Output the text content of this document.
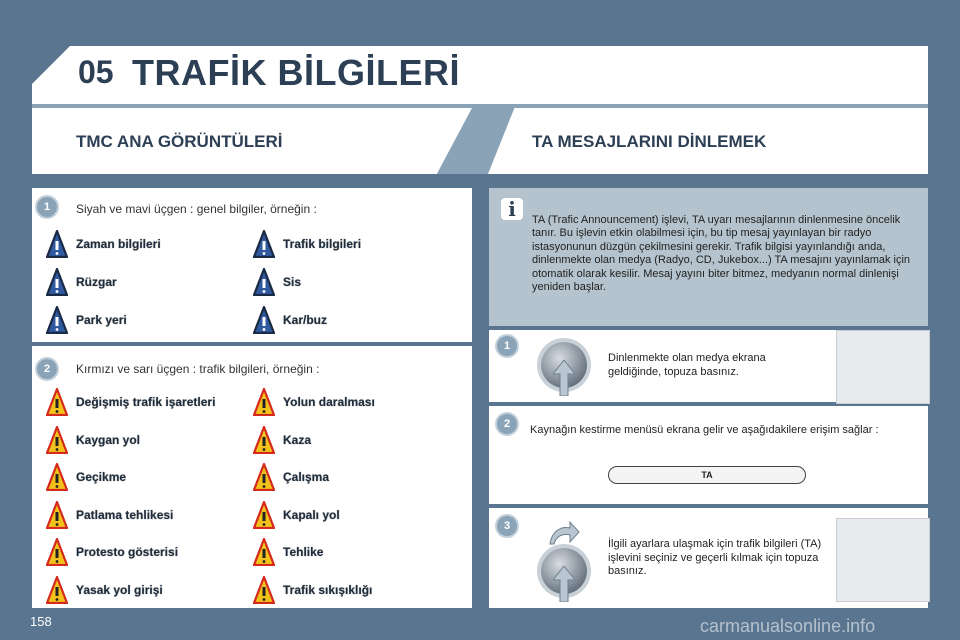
05 TRAFİK BİLGİLERİ
TMC ANA GÖRÜNTÜLERİ	TA MESAJLARINI DİNLEMEK
1	Siyah ve mavi üçgen : genel bilgiler, örneğin :
Zaman bilgileri	Trafik bilgileri
Rüzgar	Sis
Park yeri	Kar/buz
2	Kırmızı ve sarı üçgen : trafik bilgileri, örneğin :
Değişmiş trafik işaretleri	Yolun daralması
Kaygan yol	Kaza
Geçikme	Çalışma
Patlama tehlikesi	Kapalı yol
Protesto gösterisi	Tehlike
Yasak yol girişi	Trafik sıkışıklığı
i	TA (Trafic Announcement) işlevi, TA uyarı mesajlarının dinlenmesine öncelik tanır. Bu işlevin etkin olabilmesi için, bu tip mesaj yayınlayan bir radyo istasyonunun düzgün çekilmesini gerekir. Trafik bilgisi yayınlandığı anda, dinlenmekte olan medya (Radyo, CD, Jukebox...) TA mesajını yayınlamak için otomatik olarak kesilir. Mesaj yayını biter bitmez, medyanın normal dinlenişi yeniden başlar.
1
Dinlenmekte olan medya ekrana geldiğinde, topuza basınız.
2	Kaynağın kestirme menüsü ekrana gelir ve aşağıdakilere erişim sağlar :
TA
3
İlgili ayarlara ulaşmak için trafik bilgileri (TA) işlevini seçiniz ve geçerli kılmak için topuza basınız.
158	carmanualsonline.info
